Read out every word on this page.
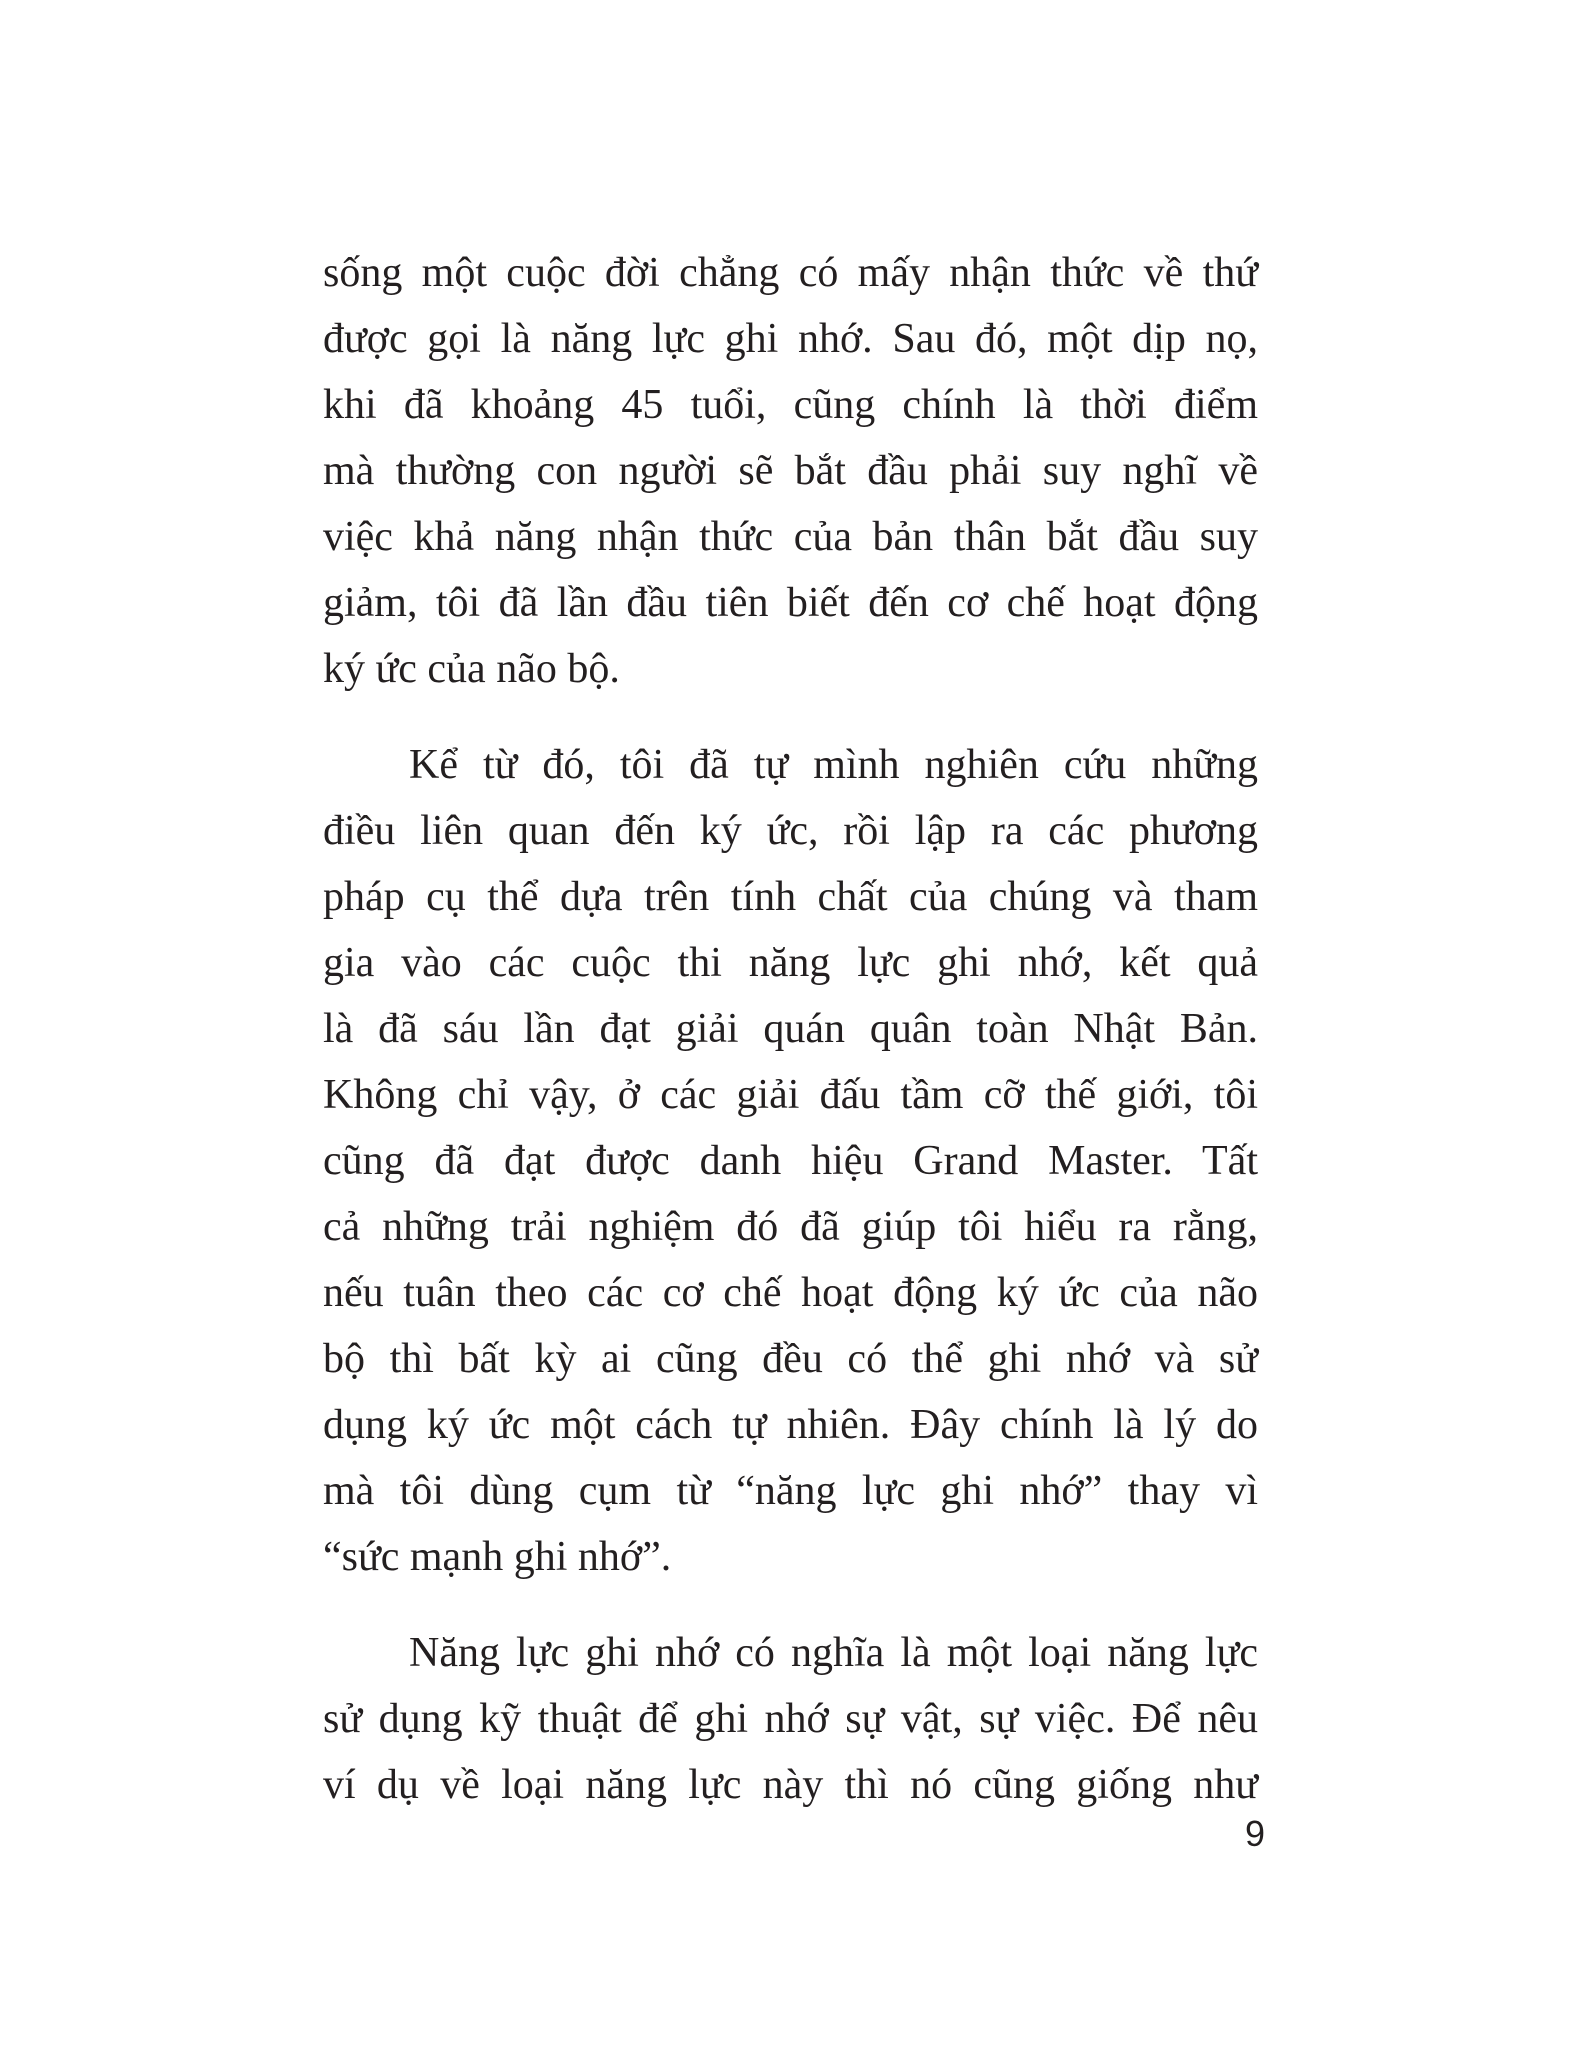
sống một cuộc đời chẳng có mấy nhận thức về thứ
được gọi là năng lực ghi nhớ. Sau đó, một dịp nọ,
khi đã khoảng 45 tuổi, cũng chính là thời điểm
mà thường con người sẽ bắt đầu phải suy nghĩ về
việc khả năng nhận thức của bản thân bắt đầu suy
giảm, tôi đã lần đầu tiên biết đến cơ chế hoạt động
ký ức của não bộ.
Kể từ đó, tôi đã tự mình nghiên cứu những
điều liên quan đến ký ức, rồi lập ra các phương
pháp cụ thể dựa trên tính chất của chúng và tham
gia vào các cuộc thi năng lực ghi nhớ, kết quả
là đã sáu lần đạt giải quán quân toàn Nhật Bản.
Không chỉ vậy, ở các giải đấu tầm cỡ thế giới, tôi
cũng đã đạt được danh hiệu Grand Master. Tất
cả những trải nghiệm đó đã giúp tôi hiểu ra rằng,
nếu tuân theo các cơ chế hoạt động ký ức của não
bộ thì bất kỳ ai cũng đều có thể ghi nhớ và sử
dụng ký ức một cách tự nhiên. Đây chính là lý do
mà tôi dùng cụm từ “năng lực ghi nhớ” thay vì
“sức mạnh ghi nhớ”.
Năng lực ghi nhớ có nghĩa là một loại năng lực
sử dụng kỹ thuật để ghi nhớ sự vật, sự việc. Để nêu
ví dụ về loại năng lực này thì nó cũng giống như
9
